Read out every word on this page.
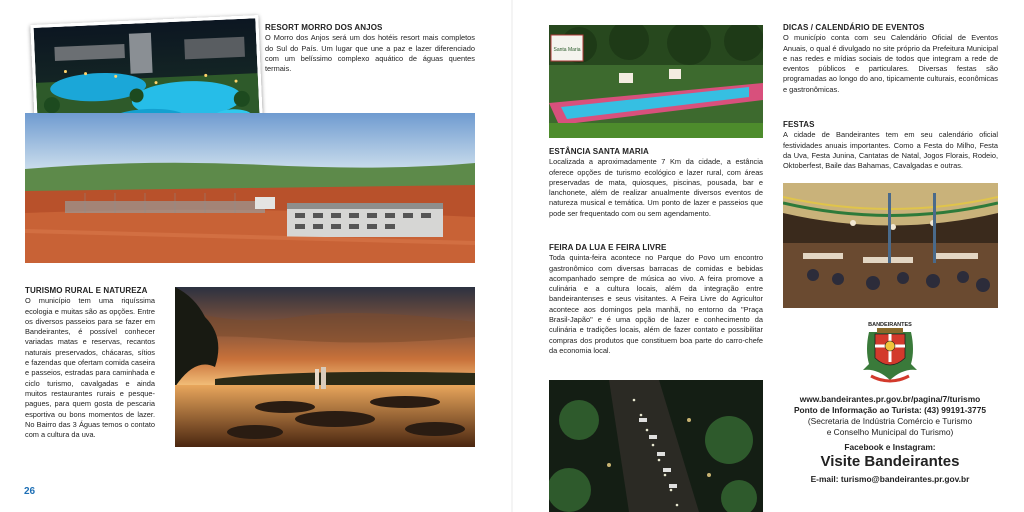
RESORT MORRO DOS ANJOS

O Morro dos Anjos será um dos hotéis resort mais completos do Sul do País. Um lugar que une a paz e lazer diferenciado com um belíssimo complexo aquático de águas quentes termais.

TURISMO RURAL E NATUREZA

O município tem uma riquíssima ecologia e muitas são as opções. Entre os diversos passeios para se fazer em Bandeirantes, é possível conhecer variadas matas e reservas, recantos naturais preservados, chácaras, sítios e fazendas que ofertam comida caseira e passeios, estradas para caminhada e ciclo turismo, cavalgadas e ainda muitos restaurantes rurais e pesque-pagues, para quem gosta de pescaria esportiva ou bons momentos de lazer. No Bairro das 3 Águas temos o contato com a cultura da uva.

26
Santa Maria
ESTÂNCIA SANTA MARIA

Localizada a aproximadamente 7 Km da cidade, a estância oferece opções de turismo ecológico e lazer rural, com áreas preservadas de mata, quiosques, piscinas, pousada, bar e lanchonete, além de realizar anualmente diversos eventos de natureza musical e temática. Um ponto de lazer e passeios que pode ser frequentado com ou sem agendamento.

FEIRA DA LUA E FEIRA LIVRE

Toda quinta-feira acontece no Parque do Povo um encontro gastronômico com diversas barracas de comidas e bebidas acompanhado sempre de música ao vivo. A feira promove a culinária e a cultura locais, além da integração entre bandeirantenses e seus visitantes. A Feira Livre do Agricultor acontece aos domingos pela manhã, no entorno da "Praça Brasil-Japão" e é uma opção de lazer e conhecimento da culinária e tradições locais, além de fazer contato e possibilitar compras dos produtos que constituem boa parte do carro-chefe da economia local.

DICAS / CALENDÁRIO DE EVENTOS

O município conta com seu Calendário Oficial de Eventos Anuais, o qual é divulgado no site próprio da Prefeitura Municipal e nas redes e mídias sociais de todos que integram a rede de eventos públicos e particulares. Diversas festas são programadas ao longo do ano, tipicamente culturais, econômicas e gastronômicas.

FESTAS

A cidade de Bandeirantes tem em seu calendário oficial festividades anuais importantes. Como a Festa do Milho, Festa da Uva, Festa Junina, Cantatas de Natal, Jogos Florais, Rodeio, Oktoberfest, Baile das Bahamas, Cavalgadas e outras.

BANDEIRANTES
www.bandeirantes.pr.gov.br/pagina/7/turismo
Ponto de Informação ao Turista: (43) 99191-3775
(Secretaria de Indústria Comércio e Turismo
e Conselho Municipal do Turismo)
Facebook e Instagram:
Visite Bandeirantes
E-mail: turismo@bandeirantes.pr.gov.br
